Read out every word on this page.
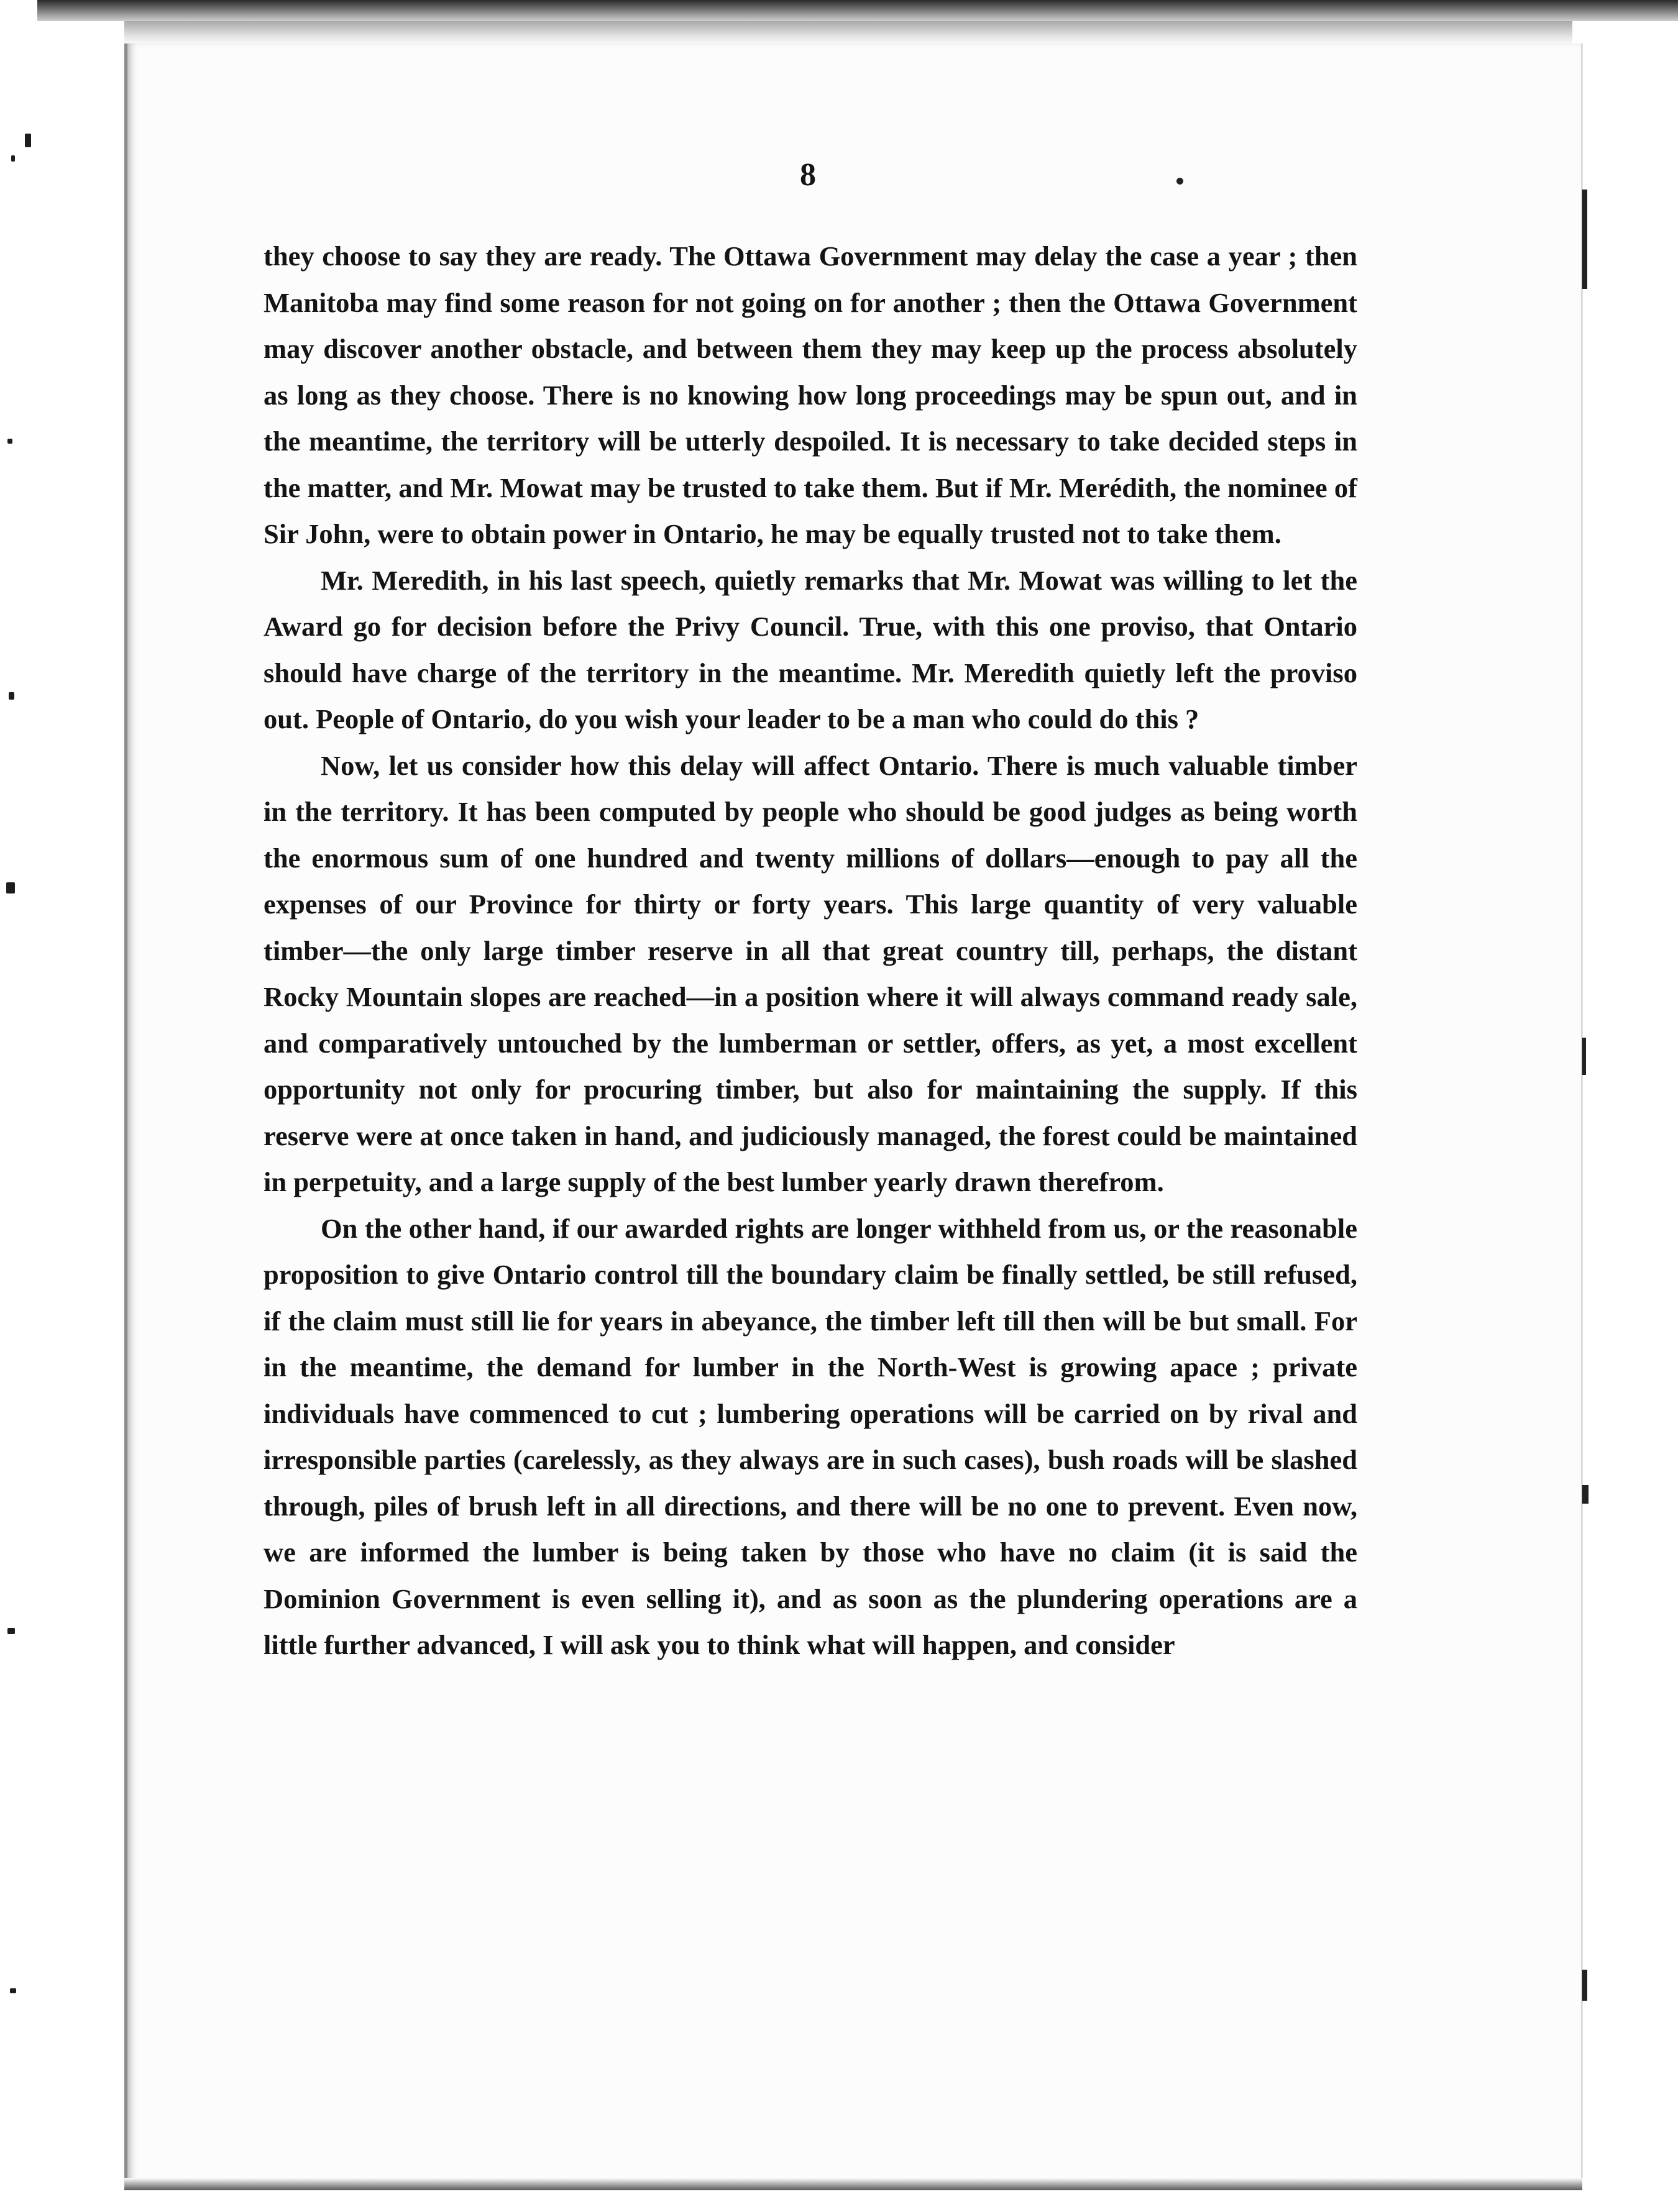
8

they choose to say they are ready. The Ottawa Government may delay the case a year ; then Manitoba may find some reason for not going on for another ; then the Ottawa Government may discover another obstacle, and between them they may keep up the process absolutely as long as they choose. There is no knowing how long proceedings may be spun out, and in the meantime, the territory will be utterly despoiled. It is necessary to take decided steps in the matter, and Mr. Mowat may be trusted to take them. But if Mr. Merédith, the nominee of Sir John, were to obtain power in Ontario, he may be equally trusted not to take them.

Mr. Meredith, in his last speech, quietly remarks that Mr. Mowat was willing to let the Award go for decision before the Privy Council. True, with this one proviso, that Ontario should have charge of the territory in the meantime. Mr. Meredith quietly left the proviso out. People of Ontario, do you wish your leader to be a man who could do this ?

Now, let us consider how this delay will affect Ontario. There is much valuable timber in the territory. It has been computed by people who should be good judges as being worth the enormous sum of one hundred and twenty millions of dollars—enough to pay all the expenses of our Province for thirty or forty years. This large quantity of very valuable timber—the only large timber reserve in all that great country till, perhaps, the distant Rocky Mountain slopes are reached—in a position where it will always command ready sale, and comparatively untouched by the lumberman or settler, offers, as yet, a most excellent opportunity not only for procuring timber, but also for maintaining the supply. If this reserve were at once taken in hand, and judiciously managed, the forest could be maintained in perpetuity, and a large supply of the best lumber yearly drawn therefrom.

On the other hand, if our awarded rights are longer withheld from us, or the reasonable proposition to give Ontario control till the boundary claim be finally settled, be still refused, if the claim must still lie for years in abeyance, the timber left till then will be but small. For in the meantime, the demand for lumber in the North-West is growing apace ; private individuals have commenced to cut ; lumbering operations will be carried on by rival and irresponsible parties (carelessly, as they always are in such cases), bush roads will be slashed through, piles of brush left in all directions, and there will be no one to prevent. Even now, we are informed the lumber is being taken by those who have no claim (it is said the Dominion Government is even selling it), and as soon as the plundering operations are a little further advanced, I will ask you to think what will happen, and consider
